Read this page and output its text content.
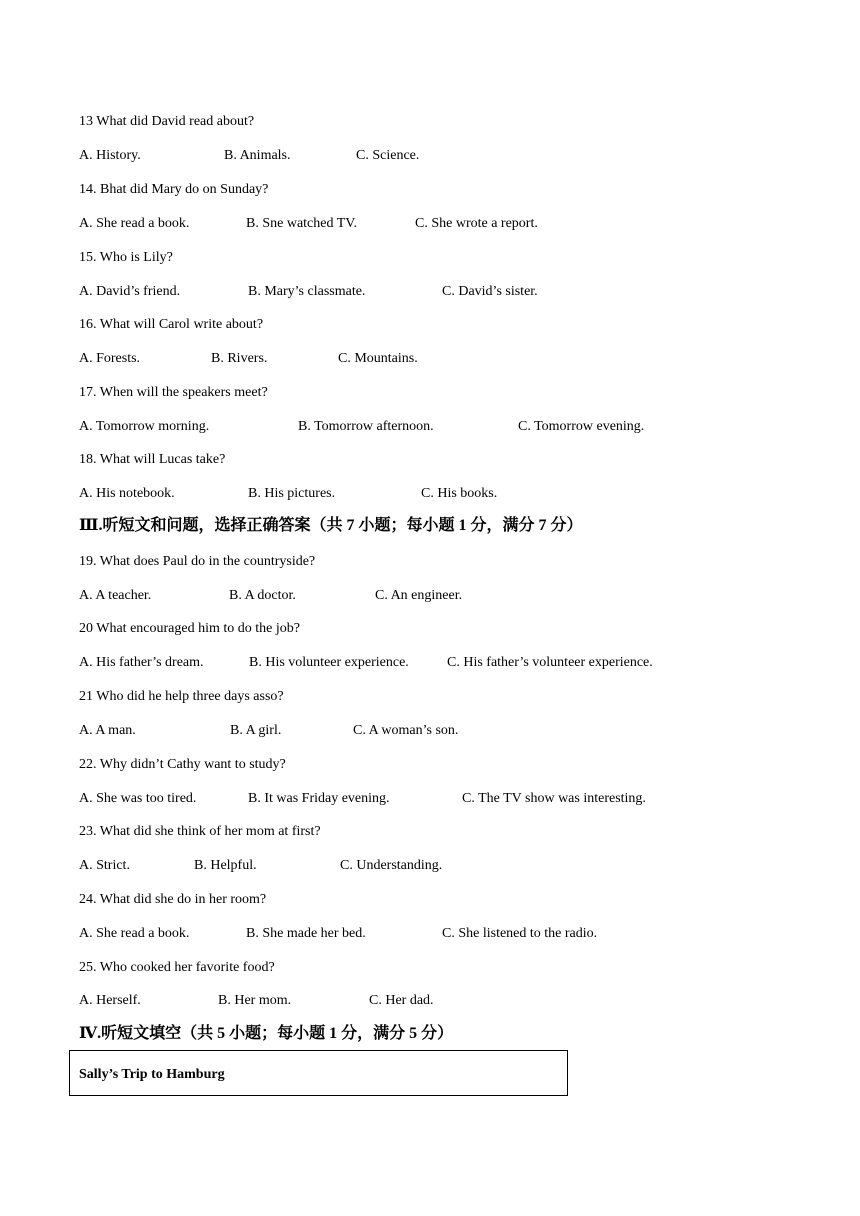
13 What did David read about?
A. History.	B. Animals.	C. Science.
14. Bhat did Mary do on Sunday?
A. She read a book.	B. Sne watched TV.	C. She wrote a report.
15. Who is Lily?
A. David’s friend.	B. Mary’s classmate.	C. David’s sister.
16. What will Carol write about?
A. Forests.	B. Rivers.	C. Mountains.
17. When will the speakers meet?
A. Tomorrow morning.	B. Tomorrow afternoon.	C. Tomorrow evening.
18. What will Lucas take?
A. His notebook.	B. His pictures.	C. His books.
Ⅲ.听短文和问题，选择正确答案（共 7 小题；每小题 1 分，满分 7 分）
19. What does Paul do in the countryside?
A. A teacher.	B. A doctor.	C. An engineer.
20 What encouraged him to do the job?
A. His father’s dream.	B. His volunteer experience.	C. His father’s volunteer experience.
21 Who did he help three days asso?
A. A man.	B. A girl.	C. A woman’s son.
22. Why didn’t Cathy want to study?
A. She was too tired.	B. It was Friday evening.	C. The TV show was interesting.
23. What did she think of her mom at first?
A. Strict.	B. Helpful.	C. Understanding.
24. What did she do in her room?
A. She read a book.	B. She made her bed.	C. She listened to the radio.
25. Who cooked her favorite food?
A. Herself.	B. Her mom.	C. Her dad.
Ⅳ.听短文填空（共 5 小题；每小题 1 分，满分 5 分）
Sally’s Trip to Hamburg
